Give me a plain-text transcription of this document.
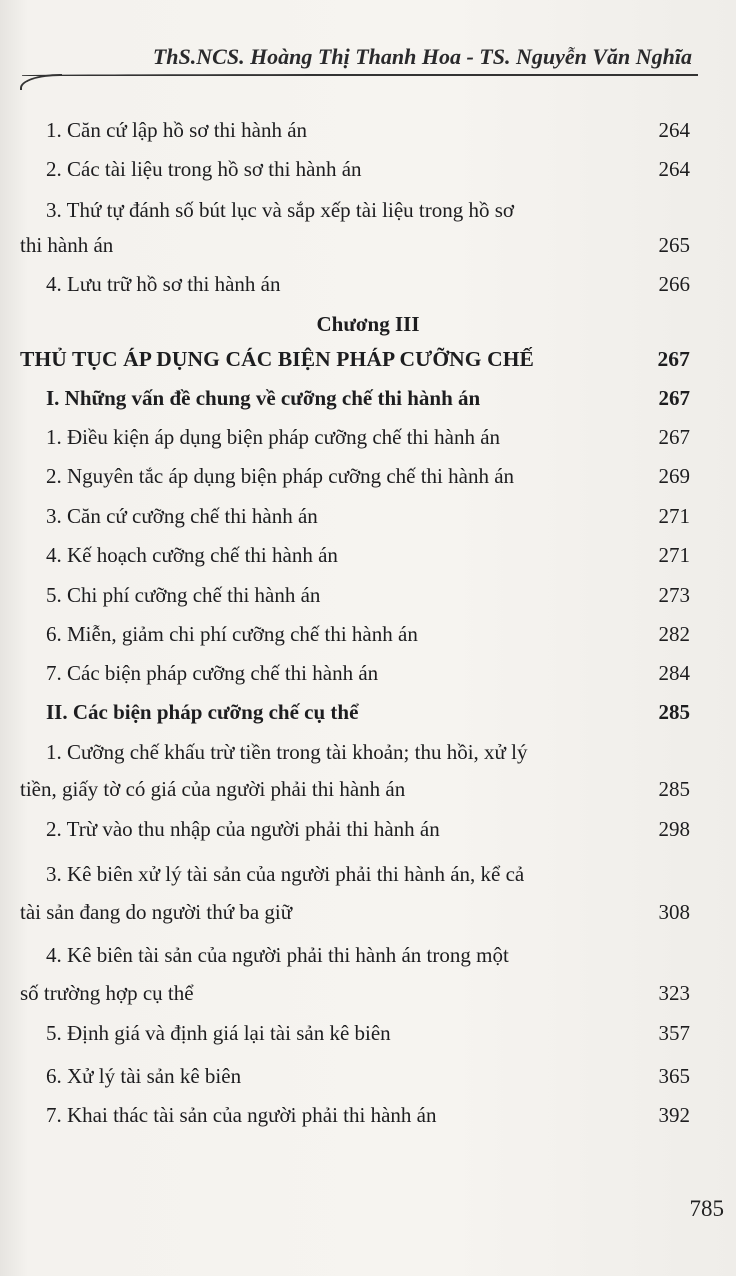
ThS.NCS. Hoàng Thị Thanh Hoa - TS. Nguyễn Văn Nghĩa
1. Căn cứ lập hồ sơ thi hành án	264
2. Các tài liệu trong hồ sơ thi hành án	264
3. Thứ tự đánh số bút lục và sắp xếp tài liệu trong hồ sơ
thi hành án	265
4. Lưu trữ hồ sơ thi hành án	266
Chương III
THỦ TỤC ÁP DỤNG CÁC BIỆN PHÁP CƯỠNG CHẾ	267
I. Những vấn đề chung về cưỡng chế thi hành án	267
1. Điều kiện áp dụng biện pháp cưỡng chế thi hành án	267
2. Nguyên tắc áp dụng biện pháp cưỡng chế thi hành án	269
3. Căn cứ cưỡng chế thi hành án	271
4. Kế hoạch cưỡng chế thi hành án	271
5. Chi phí cưỡng chế thi hành án	273
6. Miễn, giảm chi phí cưỡng chế thi hành án	282
7. Các biện pháp cưỡng chế thi hành án	284
II. Các biện pháp cưỡng chế cụ thể	285
1. Cưỡng chế khấu trừ tiền trong tài khoản; thu hồi, xử lý
tiền, giấy tờ có giá của người phải thi hành án	285
2. Trừ vào thu nhập của người phải thi hành án	298
3. Kê biên xử lý tài sản của người phải thi hành án, kể cả
tài sản đang do người thứ ba giữ	308
4. Kê biên tài sản của người phải thi hành án trong một
số trường hợp cụ thể	323
5. Định giá và định giá lại tài sản kê biên	357
6. Xử lý tài sản kê biên	365
7. Khai thác tài sản của người phải thi hành án	392
785
